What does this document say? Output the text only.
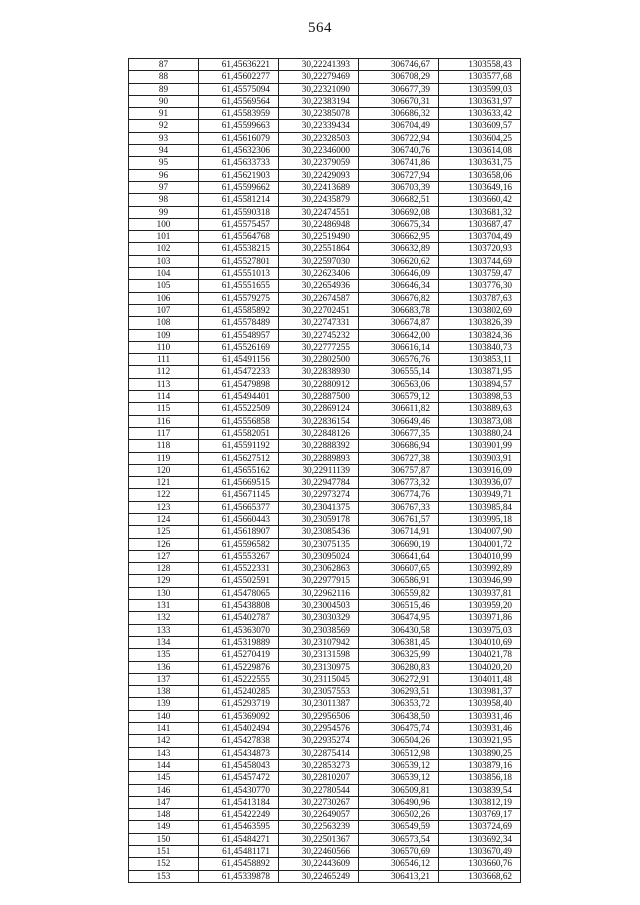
564
87	61,45636221	30,22241393	306746,67	1303558,43
88	61,45602277	30,22279469	306708,29	1303577,68
89	61,45575094	30,22321090	306677,39	1303599,03
90	61,45569564	30,22383194	306670,31	1303631,97
91	61,45583959	30,22385078	306686,32	1303633,42
92	61,45599663	30,22339434	306704,49	1303609,57
93	61,45616079	30,22328503	306722,94	1303604,25
94	61,45632306	30,22346000	306740,76	1303614,08
95	61,45633733	30,22379059	306741,86	1303631,75
96	61,45621903	30,22429093	306727,94	1303658,06
97	61,45599662	30,22413689	306703,39	1303649,16
98	61,45581214	30,22435879	306682,51	1303660,42
99	61,45590318	30,22474551	306692,08	1303681,32
100	61,45575457	30,22486948	306675,34	1303687,47
101	61,45564768	30,22519490	306662,95	1303704,49
102	61,45538215	30,22551864	306632,89	1303720,93
103	61,45527801	30,22597030	306620,62	1303744,69
104	61,45551013	30,22623406	306646,09	1303759,47
105	61,45551655	30,22654936	306646,34	1303776,30
106	61,45579275	30,22674587	306676,82	1303787,63
107	61,45585892	30,22702451	306683,78	1303802,69
108	61,45578489	30,22747331	306674,87	1303826,39
109	61,45548957	30,22745232	306642,00	1303824,36
110	61,45526169	30,22777255	306616,14	1303840,73
111	61,45491156	30,22802500	306576,76	1303853,11
112	61,45472233	30,22838930	306555,14	1303871,95
113	61,45479898	30,22880912	306563,06	1303894,57
114	61,45494401	30,22887500	306579,12	1303898,53
115	61,45522509	30,22869124	306611,82	1303889,63
116	61,45556858	30,22836154	306649,46	1303873,08
117	61,45582051	30,22848126	306677,35	1303880,24
118	61,45591192	30,22888392	306686,94	1303901,99
119	61,45627512	30,22889893	306727,38	1303903,91
120	61,45655162	30,22911139	306757,87	1303916,09
121	61,45669515	30,22947784	306773,32	1303936,07
122	61,45671145	30,22973274	306774,76	1303949,71
123	61,45665377	30,23041375	306767,33	1303985,84
124	61,45660443	30,23059178	306761,57	1303995,18
125	61,45618907	30,23085436	306714,91	1304007,90
126	61,45596582	30,23075135	306690,19	1304001,72
127	61,45553267	30,23095024	306641,64	1304010,99
128	61,45522331	30,23062863	306607,65	1303992,89
129	61,45502591	30,22977915	306586,91	1303946,99
130	61,45478065	30,22962116	306559,82	1303937,81
131	61,45438808	30,23004503	306515,46	1303959,20
132	61,45402787	30,23030329	306474,95	1303971,86
133	61,45363070	30,23038569	306430,58	1303975,03
134	61,45319889	30,23107942	306381,45	1304010,69
135	61,45270419	30,23131598	306325,99	1304021,78
136	61,45229876	30,23130975	306280,83	1304020,20
137	61,45222555	30,23115045	306272,91	1304011,48
138	61,45240285	30,23057553	306293,51	1303981,37
139	61,45293719	30,23011387	306353,72	1303958,40
140	61,45369092	30,22956506	306438,50	1303931,46
141	61,45402494	30,22954576	306475,74	1303931,46
142	61,45427838	30,22935274	306504,26	1303921,95
143	61,45434873	30,22875414	306512,98	1303890,25
144	61,45458043	30,22853273	306539,12	1303879,16
145	61,45457472	30,22810207	306539,12	1303856,18
146	61,45430770	30,22780544	306509,81	1303839,54
147	61,45413184	30,22730267	306490,96	1303812,19
148	61,45422249	30,22649057	306502,26	1303769,17
149	61,45463595	30,22563239	306549,59	1303724,69
150	61,45484271	30,22501367	306573,54	1303692,34
151	61,45481171	30,22460566	306570,69	1303670,49
152	61,45458892	30,22443609	306546,12	1303660,76
153	61,45339878	30,22465249	306413,21	1303668,62
